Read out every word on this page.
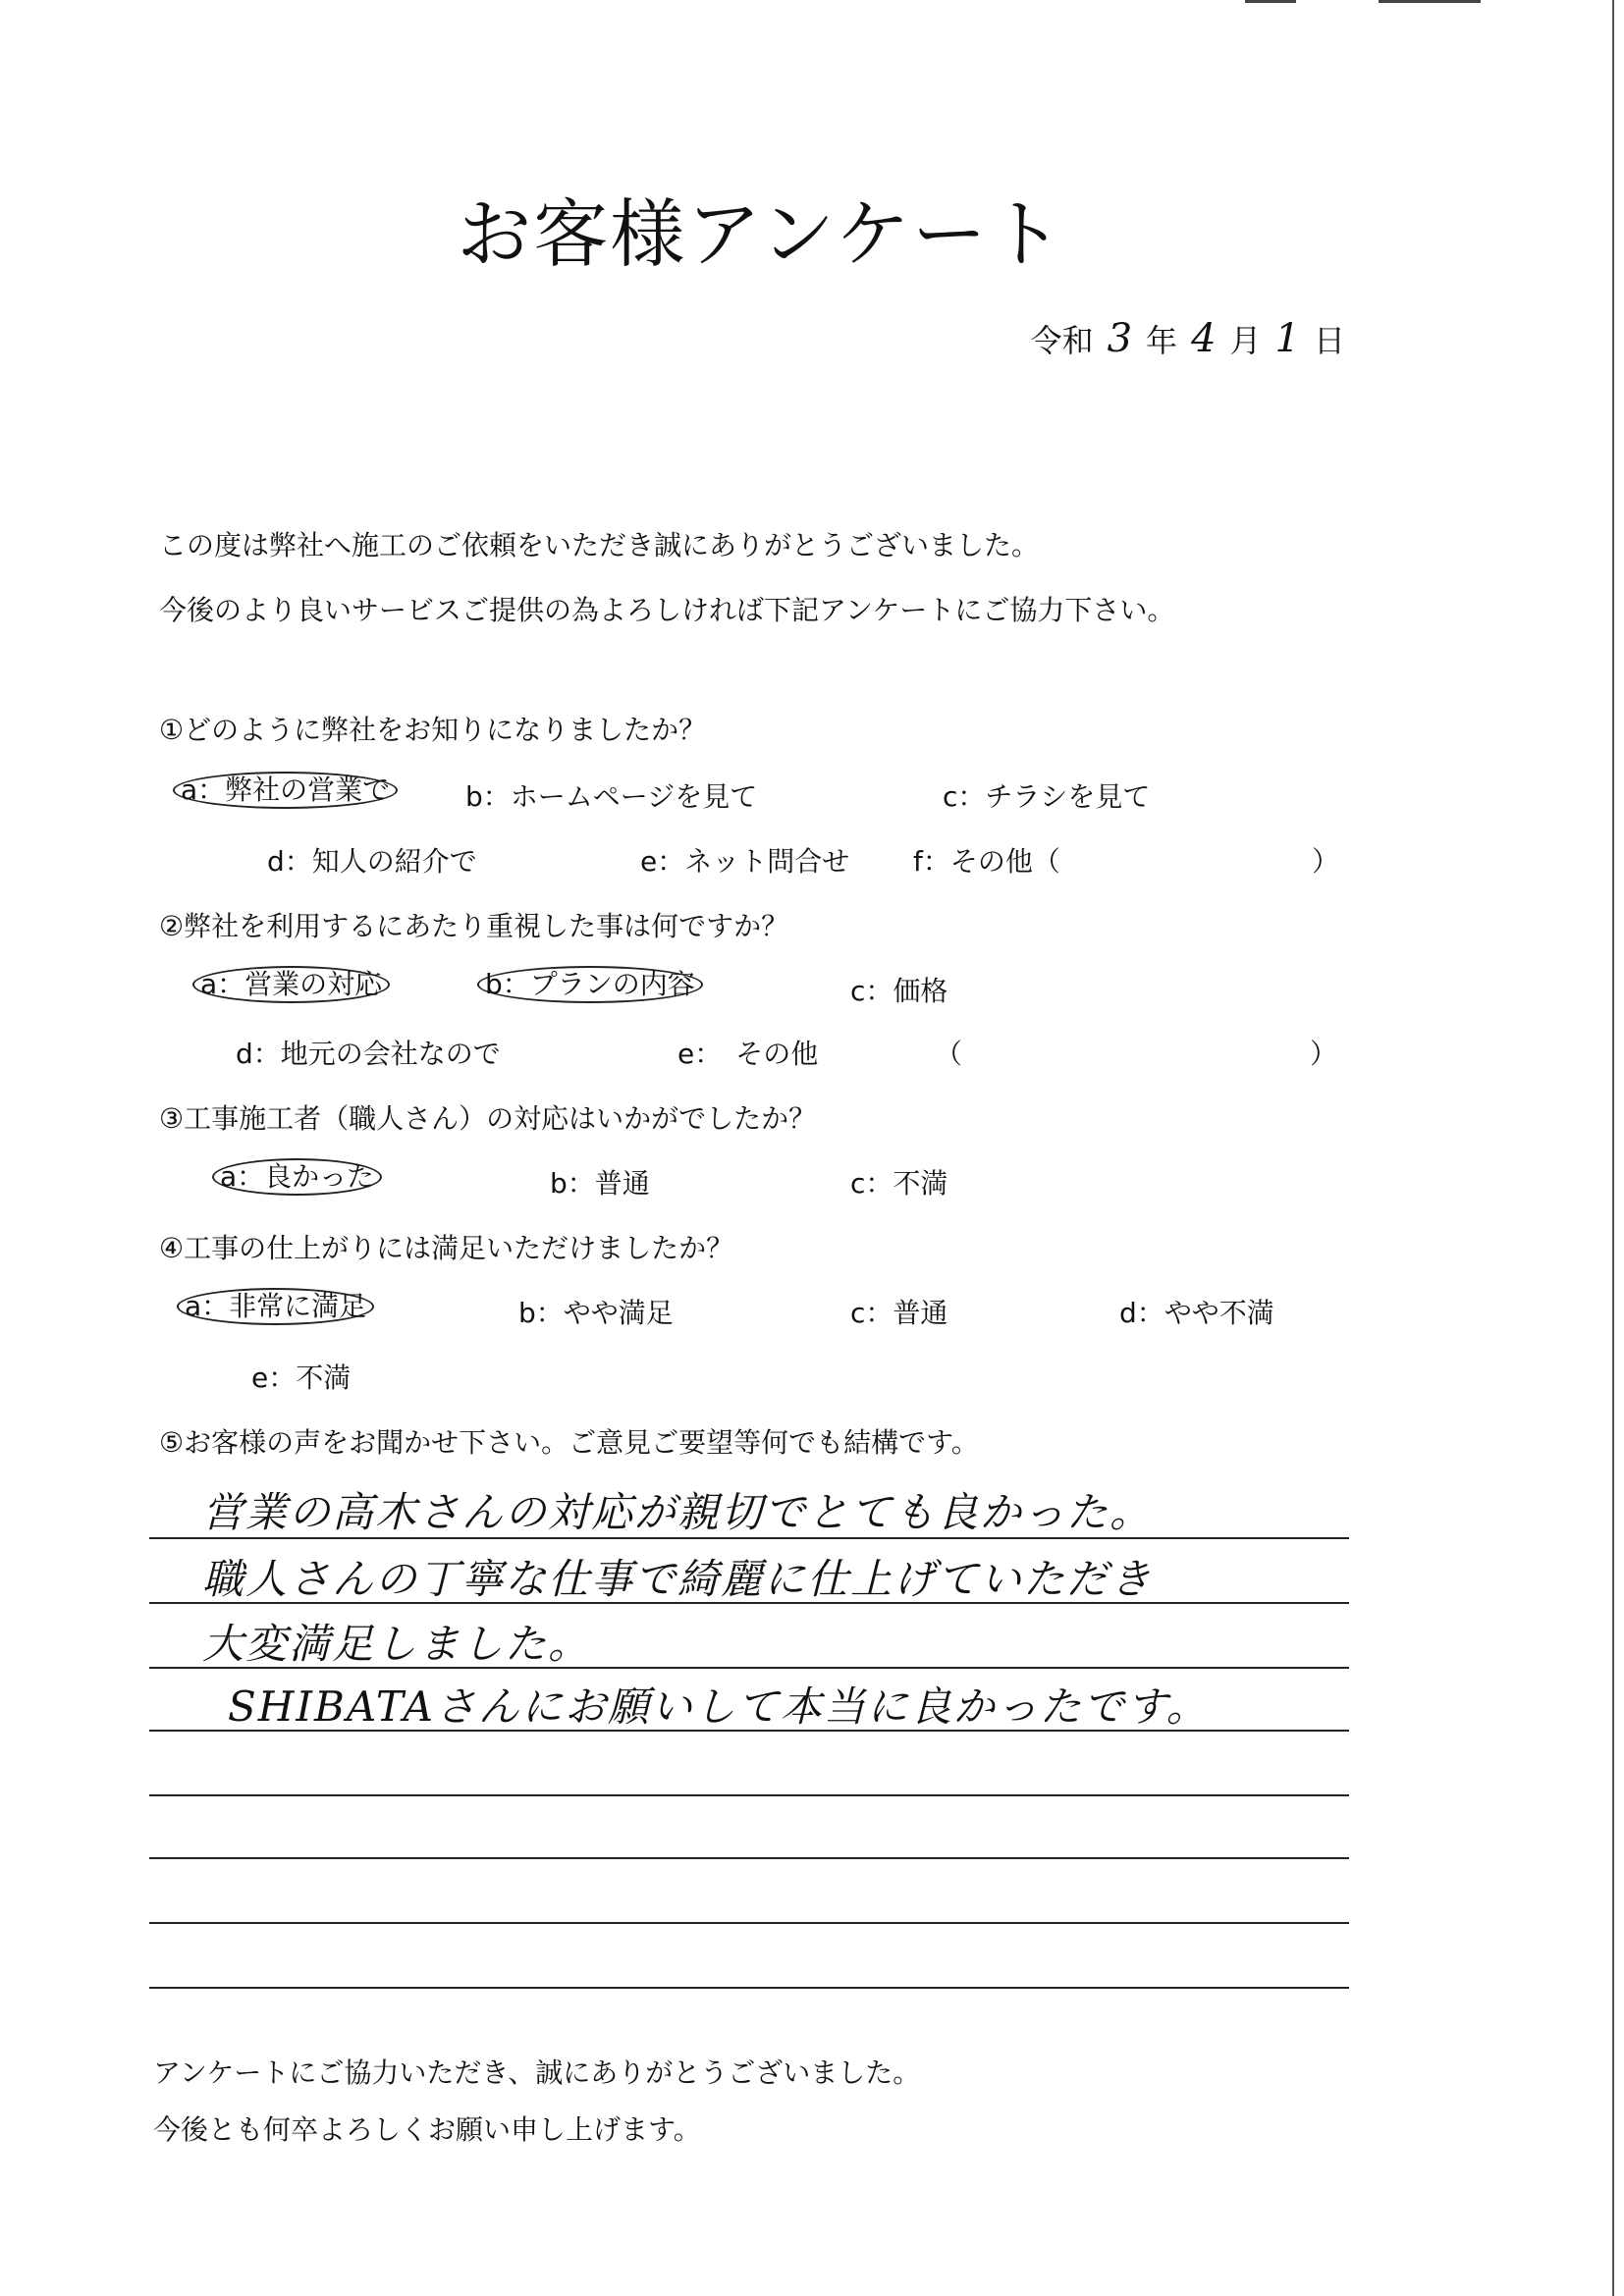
お客様アンケート
令和 3 年 4 月 1 日
この度は弊社へ施工のご依頼をいただき誠にありがとうございました。
今後のより良いサービスご提供の為よろしければ下記アンケートにご協力下さい。
①どのように弊社をお知りになりましたか？
a：弊社の営業で	b：ホームページを見て	c：チラシを見て
d：知人の紹介で	e：ネット問合せ f：その他（	）
②弊社を利用するにあたり重視した事は何ですか？
a：営業の対応	b：プランの内容	c：価格
d：地元の会社なので	e：　その他	（	）
③工事施工者（職人さん）の対応はいかがでしたか？
a：良かった	b：普通	c：不満
④工事の仕上がりには満足いただけましたか？
a：非常に満足	b：やや満足	c：普通	d：やや不満
e：不満
⑤お客様の声をお聞かせ下さい。ご意見ご要望等何でも結構です。
営業の高木さんの対応が親切でとても良かった。
職人さんの丁寧な仕事で綺麗に仕上げていただき
大変満足しました。
SHIBATAさんにお願いして本当に良かったです。
アンケートにご協力いただき、誠にありがとうございました。
今後とも何卒よろしくお願い申し上げます。
